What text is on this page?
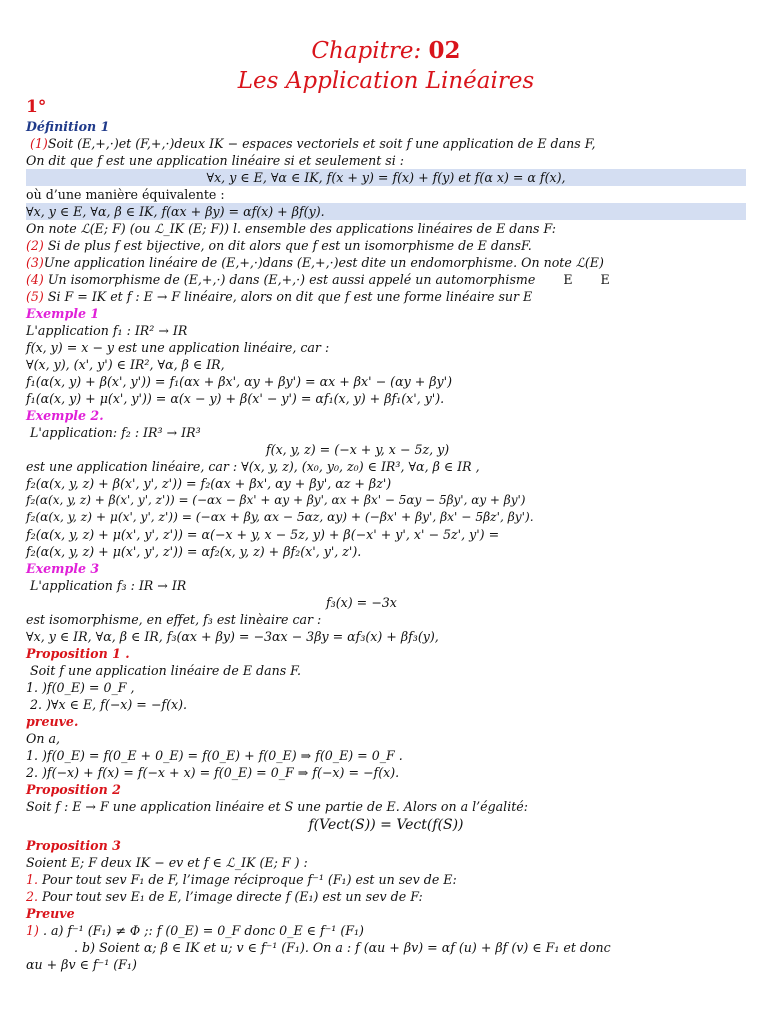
Chapitre: 02
Les Application Linéaires
1°
Définition 1
(1)Soit (E,+,·)et (F,+,·)deux IK − espaces vectoriels et soit f une application de E dans F,
On dit que f est une application linéaire si et seulement si :
∀x, y ∈ E, ∀α ∈ IK, f(x + y) = f(x) + f(y) et f(α x) = α f(x),
où d’une manière équivalente :
∀x, y ∈ E, ∀α, β ∈ IK, f(αx + βy) = αf(x) + βf(y).
On note ℒ(E; F) (ou ℒ_IK (E; F)) l. ensemble des applications linéaires de E dans F:
(2) Si de plus f est bijective, on dit alors que f est un isomorphisme de E dansF.
(3)Une application linéaire de (E,+,·)dans (E,+,·)est dite un endomorphisme. On note ℒ(E)
(4) Un isomorphisme de (E,+,·) dans (E,+,·) est aussi appelé un automorphisme E E
(5) Si F = IK et f : E → F linéaire, alors on dit que f est une forme linéaire sur E
Exemple 1
L'application f₁ : IR² → IR
f(x, y) = x − y est une application linéaire, car :
∀(x, y), (x', y') ∈ IR², ∀α, β ∈ IR,
f₁(α(x, y) + β(x', y')) = f₁(αx + βx', αy + βy') = αx + βx' − (αy + βy')
f₁(α(x, y) + μ(x', y')) = α(x − y) + β(x' − y') = αf₁(x, y) + βf₁(x', y').
Exemple 2.
L'application: f₂ : IR³ → IR³
f(x, y, z) = (−x + y, x − 5z, y)
est une application linéaire, car : ∀(x, y, z), (x₀, y₀, z₀) ∈ IR³, ∀α, β ∈ IR ,
f₂(α(x, y, z) + β(x', y', z')) = f₂(αx + βx', αy + βy', αz + βz')
f₂(α(x, y, z) + β(x', y', z')) = (−αx − βx' + αy + βy', αx + βx' − 5αy − 5βy', αy + βy')
f₂(α(x, y, z) + μ(x', y', z')) = (−αx + βy, αx − 5αz, αy) + (−βx' + βy', βx' − 5βz', βy').
f₂(α(x, y, z) + μ(x', y', z')) = α(−x + y, x − 5z, y) + β(−x' + y', x' − 5z', y') =
f₂(α(x, y, z) + μ(x', y', z')) = αf₂(x, y, z) + βf₂(x', y', z').
Exemple 3
L'application f₃ : IR → IR
f₃(x) = −3x
est isomorphisme, en effet, f₃ est linèaire car :
∀x, y ∈ IR, ∀α, β ∈ IR, f₃(αx + βy) = −3αx − 3βy = αf₃(x) + βf₃(y),
Proposition 1 .
Soit f une application linéaire de E dans F.
1. )f(0_E) = 0_F ,
2. )∀x ∈ E, f(−x) = −f(x).
preuve.
On a,
1. )f(0_E) = f(0_E + 0_E) = f(0_E) + f(0_E) ⇒ f(0_E) = 0_F .
2. )f(−x) + f(x) = f(−x + x) = f(0_E) = 0_F ⇒ f(−x) = −f(x).
Proposition 2
Soit f : E → F une application linéaire et S une partie de E. Alors on a l’égalité:
f(Vect(S)) = Vect(f(S))
Proposition 3
Soient E; F deux IK − ev et f ∈ ℒ_IK (E; F ) :
1. Pour tout sev F₁ de F, l’image réciproque f⁻¹ (F₁) est un sev de E:
2. Pour tout sev E₁ de E, l’image directe f (E₁) est un sev de F:
Preuve
1) . a) f⁻¹ (F₁) ≠ Φ ;: f (0_E) = 0_F donc 0_E ∈ f⁻¹ (F₁)
. b) Soient α; β ∈ IK et u; v ∈ f⁻¹ (F₁). On a : f (αu + βv) = αf (u) + βf (v) ∈ F₁ et donc
αu + βv ∈ f⁻¹ (F₁)
